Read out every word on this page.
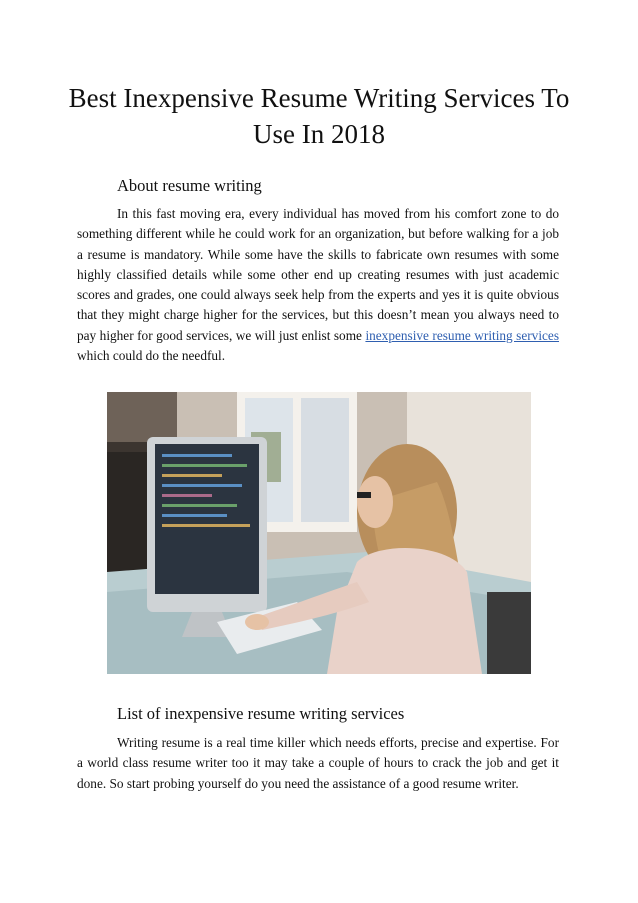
Best Inexpensive Resume Writing Services To Use In 2018
About resume writing

In this fast moving era, every individual has moved from his comfort zone to do something different while he could work for an organization, but before walking for a job a resume is mandatory. While some have the skills to fabricate own resumes with some highly classified details while some other end up creating resumes with just academic scores and grades, one could always seek help from the experts and yes it is quite obvious that they might charge higher for the services, but this doesn’t mean you always need to pay higher for good services, we will just enlist some inexpensive resume writing services which could do the needful.

List of inexpensive resume writing services

Writing resume is a real time killer which needs efforts, precise and expertise. For a world class resume writer too it may take a couple of hours to crack the job and get it done. So start probing yourself do you need the assistance of a good resume writer.
